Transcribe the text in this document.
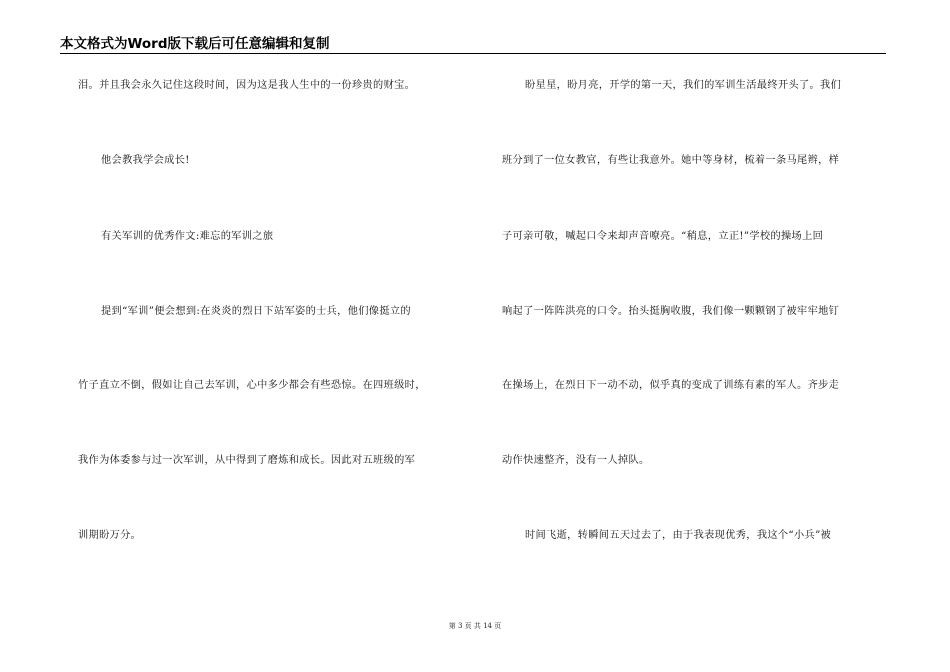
本文格式为Word版下载后可任意编辑和复制
泪。并且我会永久记住这段时间，因为这是我人生中的一份珍贵的财宝。
他会教我学会成长!
有关军训的优秀作文:难忘的军训之旅
提到“军训”便会想到:在炎炎的烈日下站军姿的士兵，他们像挺立的
竹子直立不倒，假如让自己去军训，心中多少都会有些恐惊。在四班级时，
我作为体委参与过一次军训，从中得到了磨炼和成长。因此对五班级的军
训期盼万分。
盼星星，盼月亮，开学的第一天，我们的军训生活最终开头了。我们
班分到了一位女教官，有些让我意外。她中等身材，梳着一条马尾辫，样
子可亲可敬，喊起口令来却声音嘹亮。“稍息，立正!”学校的操场上回
响起了一阵阵洪亮的口令。抬头挺胸收腹，我们像一颗颗钢了被牢牢地钉
在操场上，在烈日下一动不动，似乎真的变成了训练有素的军人。齐步走
动作快速整齐，没有一人掉队。
时间飞逝，转瞬间五天过去了，由于我表现优秀，我这个“小兵”被
第 3 页 共 14 页
